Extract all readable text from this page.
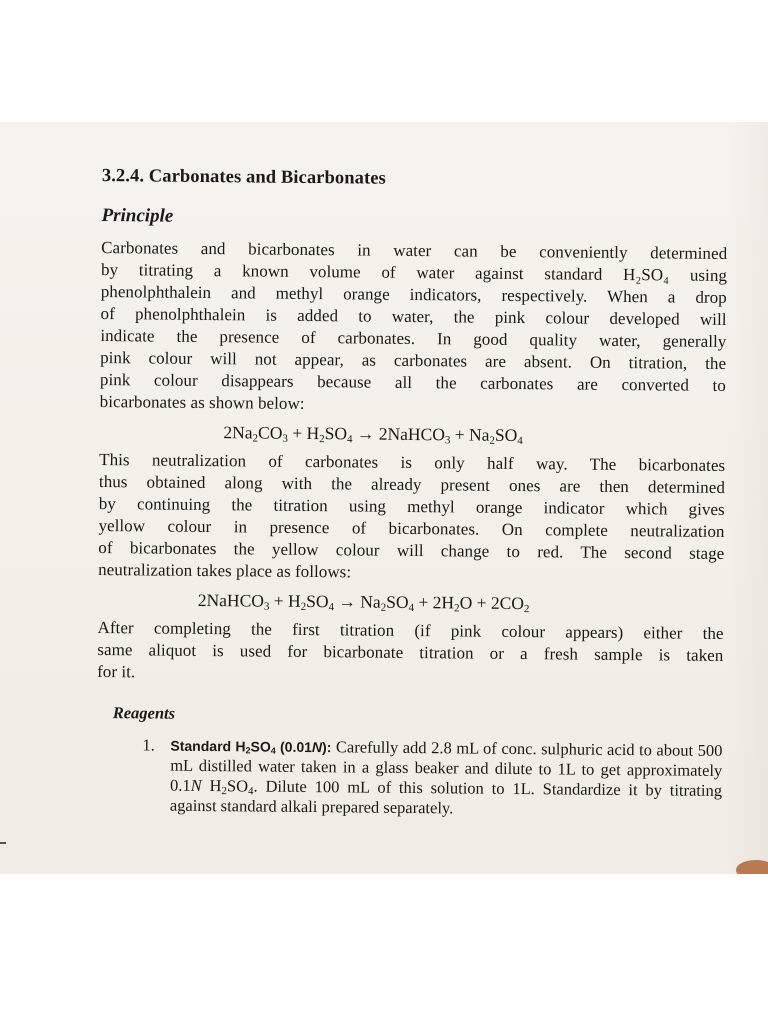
3.2.4. Carbonates and Bicarbonates
Principle

Carbonates and bicarbonates in water can be conveniently determined

by titrating a known volume of water against standard H₂SO₄ using

phenolphthalein and methyl orange indicators, respectively. When a drop

of phenolphthalein is added to water, the pink colour developed will

indicate the presence of carbonates. In good quality water, generally

pink colour will not appear, as carbonates are absent. On titration, the

pink colour disappears because all the carbonates are converted to

bicarbonates as shown below:

$2Na_2CO_3 + H_2SO_4$ → 2NaHCO$_3$ + $Na_2SO_4$

This neutralization of carbonates is only half way. The bicarbonates

thus obtained along with the already present ones are then determined

by continuing the titration using methyl orange indicator which gives

yellow colour in presence of bicarbonates. On complete neutralization

of bicarbonates the yellow colour will change to red. The second stage

neutralization takes place as follows:

2NaHCO$_3$ + $H_2SO_4 \to Na_2SO_4 + 2H_2O + 2CO_2$

After completing the first titration (if pink colour appears) either the

same aliquot is used for bicarbonate titration or a fresh sample is taken

for it.

Reagents
1.	Standard $H_2SO_4$ (0.01N): Carefully add 2.8 mL of conc. sulphuric acid to about 500 mL distilled water taken in a glass beaker and dilute to 1L to get approximately 0.1N $H_2SO_4$. Dilute 100 mL of this solution to 1L. Standardize it by titrating against standard alkali prepared separately.
